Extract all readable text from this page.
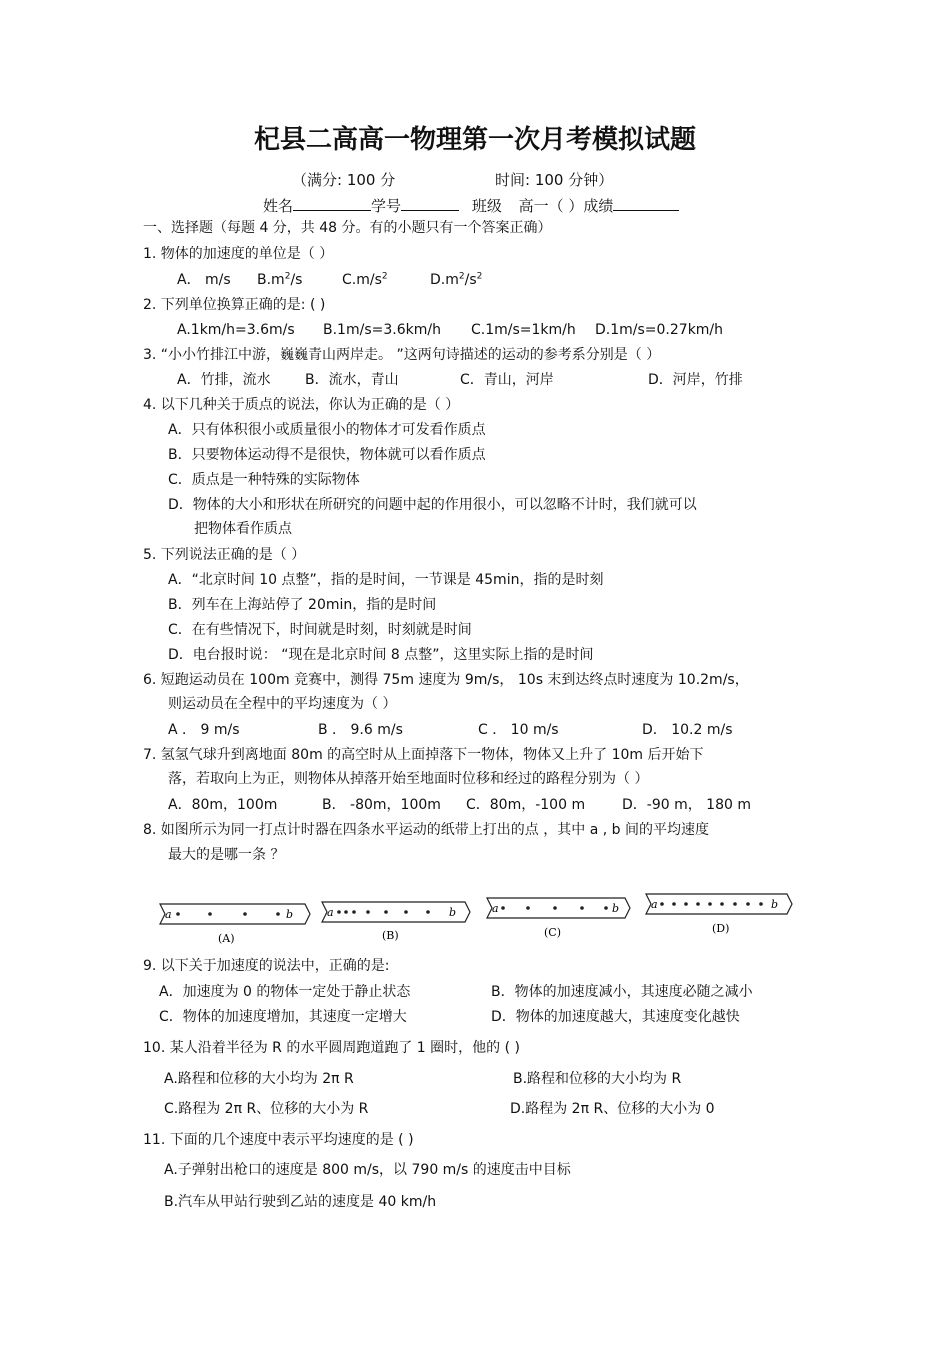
杞县二高高一物理第一次月考模拟试题
（满分: 100 分	时间: 100 分钟）
姓名	学号	班级 高一（ ）成绩
一、选择题（每题 4 分，共 48 分。有的小题只有一个答案正确）
1. 物体的加速度的单位是（ ）
A． m/s $B.m^2/s$	$C.m/s^2$	$D.m^2/s^2$
2. 下列单位换算正确的是: ( )
A.1km/h=3.6m/s B.1m/s=3.6km/h C.1m/s=1km/h D.1m/s=0.27km/h
3. “小小竹排江中游，巍巍青山两岸走。 ”这两句诗描述的运动的参考系分别是（ ）
A．竹排，流水 B．流水，青山	C．青山，河岸	D．河岸，竹排
4. 以下几种关于质点的说法，你认为正确的是（ ）
A．只有体积很小或质量很小的物体才可发看作质点
B．只要物体运动得不是很快，物体就可以看作质点
C．质点是一种特殊的实际物体
D．物体的大小和形状在所研究的问题中起的作用很小，可以忽略不计时，我们就可以
把物体看作质点
5. 下列说法正确的是（ ）
A．“北京时间 10 点整”，指的是时间，一节课是 45min，指的是时刻
B．列车在上海站停了 20min，指的是时间
C．在有些情况下，时间就是时刻，时刻就是时间
D．电台报时说： “现在是北京时间 8 点整”，这里实际上指的是时间
6. 短跑运动员在 100m 竞赛中，测得 75m 速度为 9m/s， 10s 末到达终点时速度为 10.2m/s，
则运动员在全程中的平均速度为（ ）
A ． 9 m/s	B ． 9.6 m/s	C ． 10 m/s	D． 10.2 m/s
7. 氢氢气球升到离地面 80m 的高空时从上面掉落下一物体，物体又上升了 10m 后开始下
落，若取向上为正，则物体从掉落开始至地面时位移和经过的路程分别为（ ）
A．80m，100m	B． -80m，100m C．80m，-100 m	D．-90 m， 180 m
8. 如图所示为同一打点计时器在四条水平运动的纸带上打出的点 ，其中 a , b 间的平均速度
最大的是哪一条 ？
a	b
(A)
a	b
(B)
a	b
(C)
a	b
(D)
9. 以下关于加速度的说法中，正确的是:
A．加速度为 0 的物体一定处于静止状态	B．物体的加速度减小，其速度必随之减小
C．物体的加速度增加，其速度一定增大	D．物体的加速度越大，其速度变化越快
10. 某人沿着半径为 R 的水平圆周跑道跑了 1 圈时，他的 ( )
A.路程和位移的大小均为 2π R	B.路程和位移的大小均为 R
C.路程为 2π R、位移的大小为 R	D.路程为 2π R、位移的大小为 0
11. 下面的几个速度中表示平均速度的是 ( )
A.子弹射出枪口的速度是 800 m/s，以 790 m/s 的速度击中目标
B.汽车从甲站行驶到乙站的速度是 40 km/h
